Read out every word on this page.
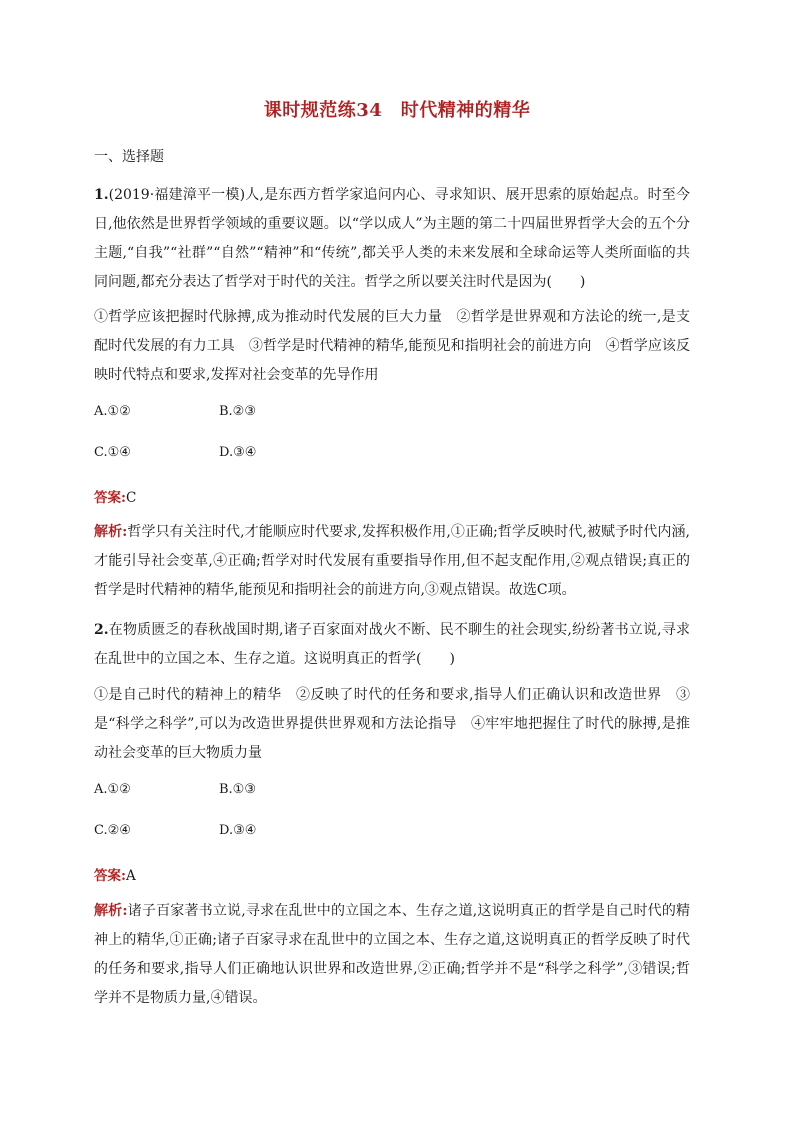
课时规范练34　时代精神的精华
一、选择题

1.(2019·福建漳平一模)人,是东西方哲学家追问内心、寻求知识、展开思索的原始起点。时至今日,他依然是世界哲学领域的重要议题。以“学以成人”为主题的第二十四届世界哲学大会的五个分主题,“自我”“社群”“自然”“精神”和“传统”,都关乎人类的未来发展和全球命运等人类所面临的共同问题,都充分表达了哲学对于时代的关注。哲学之所以要关注时代是因为(　　)

①哲学应该把握时代脉搏,成为推动时代发展的巨大力量　②哲学是世界观和方法论的统一,是支配时代发展的有力工具　③哲学是时代精神的精华,能预见和指明社会的前进方向　④哲学应该反映时代特点和要求,发挥对社会变革的先导作用

A.①②	B.②③
C.①④	D.③④
答案:C

解析:哲学只有关注时代,才能顺应时代要求,发挥积极作用,①正确;哲学反映时代,被赋予时代内涵,才能引导社会变革,④正确;哲学对时代发展有重要指导作用,但不起支配作用,②观点错误;真正的哲学是时代精神的精华,能预见和指明社会的前进方向,③观点错误。故选C项。

2.在物质匮乏的春秋战国时期,诸子百家面对战火不断、民不聊生的社会现实,纷纷著书立说,寻求在乱世中的立国之本、生存之道。这说明真正的哲学(　　)

①是自己时代的精神上的精华　②反映了时代的任务和要求,指导人们正确认识和改造世界　③是“科学之科学”,可以为改造世界提供世界观和方法论指导　④牢牢地把握住了时代的脉搏,是推动社会变革的巨大物质力量

A.①②	B.①③
C.②④	D.③④
答案:A

解析:诸子百家著书立说,寻求在乱世中的立国之本、生存之道,这说明真正的哲学是自己时代的精神上的精华,①正确;诸子百家寻求在乱世中的立国之本、生存之道,这说明真正的哲学反映了时代的任务和要求,指导人们正确地认识世界和改造世界,②正确;哲学并不是“科学之科学”,③错误;哲学并不是物质力量,④错误。
